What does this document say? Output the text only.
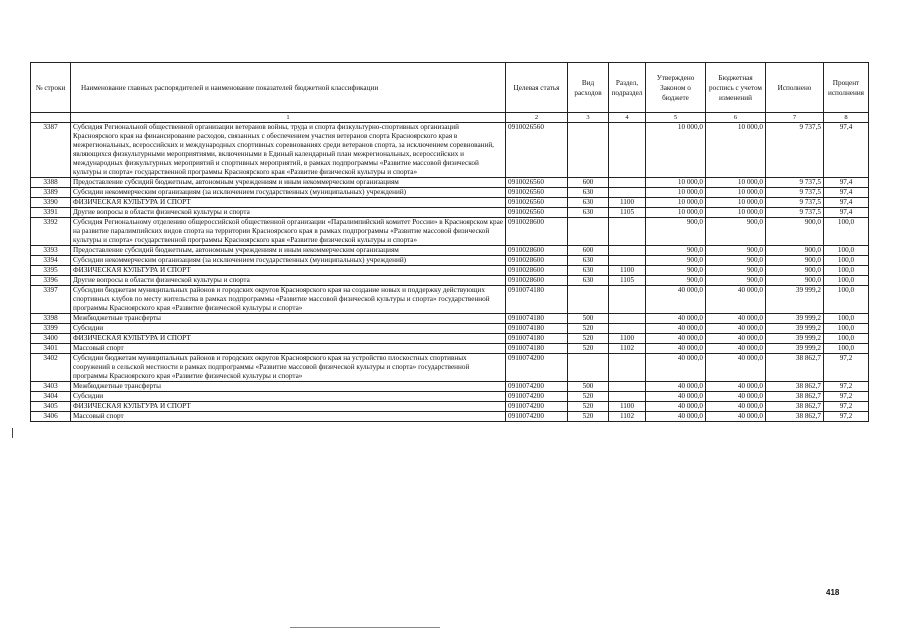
№ строки	Наименование главных распорядителей и наименование показателей бюджетной классификации	Целевая статья	Вид расходов	Раздел, подраздел	Утверждено Законом о бюджете	Бюджетная роспись с учетом изменений	Исполнено	Процент исполнения
	1	2	3	4	5	6	7	8
3387	Субсидия Региональной общественной организации ветеранов войны, труда и спорта физкультурно-спортивных организаций Красноярского края на финансирование расходов, связанных с обеспечением участия ветеранов спорта Красноярского края в межрегиональных, всероссийских и международных спортивных соревнованиях среди ветеранов спорта, за исключением соревнований, являющихся физкультурными мероприятиями, включенными в Единый календарный план межрегиональных, всероссийских и международных физкультурных мероприятий и спортивных мероприятий, в рамках подпрограммы «Развитие массовой физической культуры и спорта» государственной программы Красноярского края «Развитие физической культуры и спорта»	0910026560			10 000,0	10 000,0	9 737,5	97,4
3388	Предоставление субсидий бюджетным, автономным учреждениям и иным некоммерческим организациям	0910026560	600		10 000,0	10 000,0	9 737,5	97,4
3389	Субсидии некоммерческим организациям (за исключением государственных (муниципальных) учреждений)	0910026560	630		10 000,0	10 000,0	9 737,5	97,4
3390	ФИЗИЧЕСКАЯ КУЛЬТУРА И СПОРТ	0910026560	630	1100	10 000,0	10 000,0	9 737,5	97,4
3391	Другие вопросы в области физической культуры и спорта	0910026560	630	1105	10 000,0	10 000,0	9 737,5	97,4
3392	Субсидия Региональному отделению общероссийской общественной организации «Паралимпийский комитет России» в Красноярском крае на развитие паралимпийских видов спорта на территории Красноярского края в рамках подпрограммы «Развитие массовой физической культуры и спорта» государственной программы Красноярского края «Развитие физической культуры и спорта»	0910028600			900,0	900,0	900,0	100,0
3393	Предоставление субсидий бюджетным, автономным учреждениям и иным некоммерческим организациям	0910028600	600		900,0	900,0	900,0	100,0
3394	Субсидии некоммерческим организациям (за исключением государственных (муниципальных) учреждений)	0910028600	630		900,0	900,0	900,0	100,0
3395	ФИЗИЧЕСКАЯ КУЛЬТУРА И СПОРТ	0910028600	630	1100	900,0	900,0	900,0	100,0
3396	Другие вопросы в области физической культуры и спорта	0910028600	630	1105	900,0	900,0	900,0	100,0
3397	Субсидии бюджетам муниципальных районов и городских округов Красноярского края на создание новых и поддержку действующих спортивных клубов по месту жительства в рамках подпрограммы «Развитие массовой физической культуры и спорта» государственной программы Красноярского края «Развитие физической культуры и спорта»	0910074180			40 000,0	40 000,0	39 999,2	100,0
3398	Межбюджетные трансферты	0910074180	500		40 000,0	40 000,0	39 999,2	100,0
3399	Субсидии	0910074180	520		40 000,0	40 000,0	39 999,2	100,0
3400	ФИЗИЧЕСКАЯ КУЛЬТУРА И СПОРТ	0910074180	520	1100	40 000,0	40 000,0	39 999,2	100,0
3401	Массовый спорт	0910074180	520	1102	40 000,0	40 000,0	39 999,2	100,0
3402	Субсидии бюджетам муниципальных районов и городских округов Красноярского края на устройство плоскостных спортивных сооружений в сельской местности в рамках подпрограммы «Развитие массовой физической культуры и спорта» государственной программы Красноярского края «Развитие физической культуры и спорта»	0910074200			40 000,0	40 000,0	38 862,7	97,2
3403	Межбюджетные трансферты	0910074200	500		40 000,0	40 000,0	38 862,7	97,2
3404	Субсидии	0910074200	520		40 000,0	40 000,0	38 862,7	97,2
3405	ФИЗИЧЕСКАЯ КУЛЬТУРА И СПОРТ	0910074200	520	1100	40 000,0	40 000,0	38 862,7	97,2
3406	Массовый спорт	0910074200	520	1102	40 000,0	40 000,0	38 862,7	97,2
418
